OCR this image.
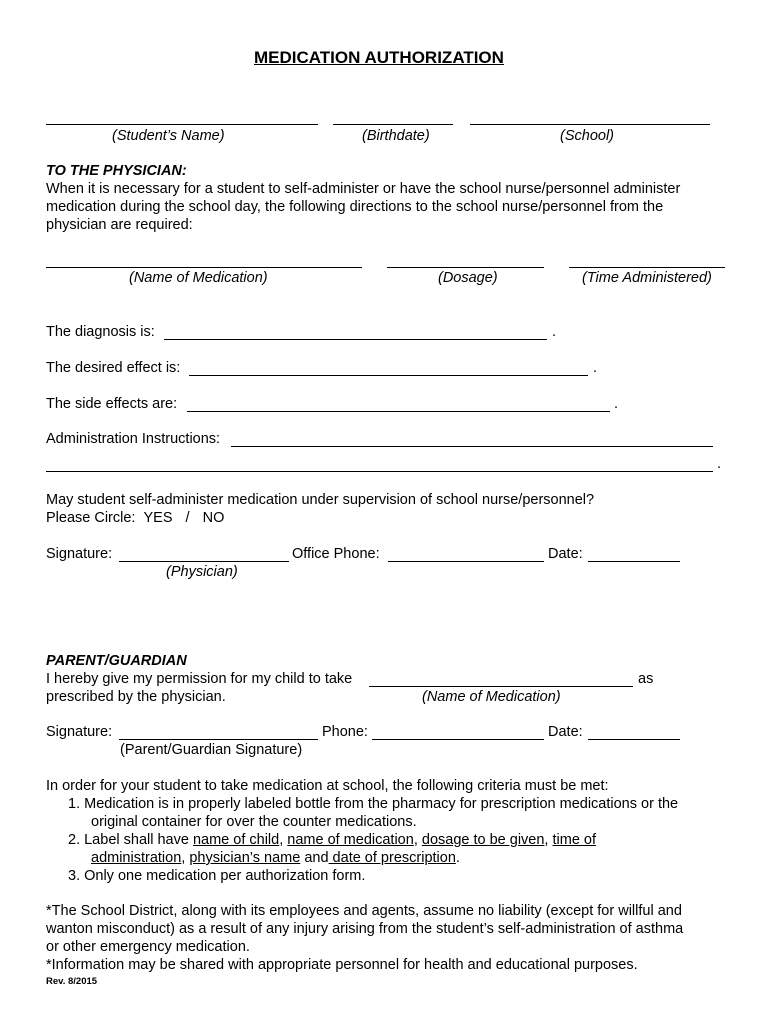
MEDICATION AUTHORIZATION
(Student’s Name)	(Birthdate)	(School)
TO THE PHYSICIAN:
When it is necessary for a student to self-administer or have the school nurse/personnel administer
medication during the school day, the following directions to the school nurse/personnel from the
physician are required:
(Name of Medication)	(Dosage)	(Time Administered)
The diagnosis is:	.
The desired effect is:	.
The side effects are:	.
Administration Instructions:
.
May student self-administer medication under supervision of school nurse/personnel?
Please Circle: YES / NO
Signature:	Office Phone:	Date:
(Physician)
PARENT/GUARDIAN
I hereby give my permission for my child to take	as
prescribed by the physician.	(Name of Medication)
Signature:	Phone:	Date:
(Parent/Guardian Signature)
In order for your student to take medication at school, the following criteria must be met:
1. Medication is in properly labeled bottle from the pharmacy for prescription medications or the
original container for over the counter medications.
2. Label shall have name of child, name of medication, dosage to be given, time of
administration, physician’s name and date of prescription.
3. Only one medication per authorization form.
*The School District, along with its employees and agents, assume no liability (except for willful and
wanton misconduct) as a result of any injury arising from the student’s self-administration of asthma
or other emergency medication.
*Information may be shared with appropriate personnel for health and educational purposes.
Rev. 8/2015
